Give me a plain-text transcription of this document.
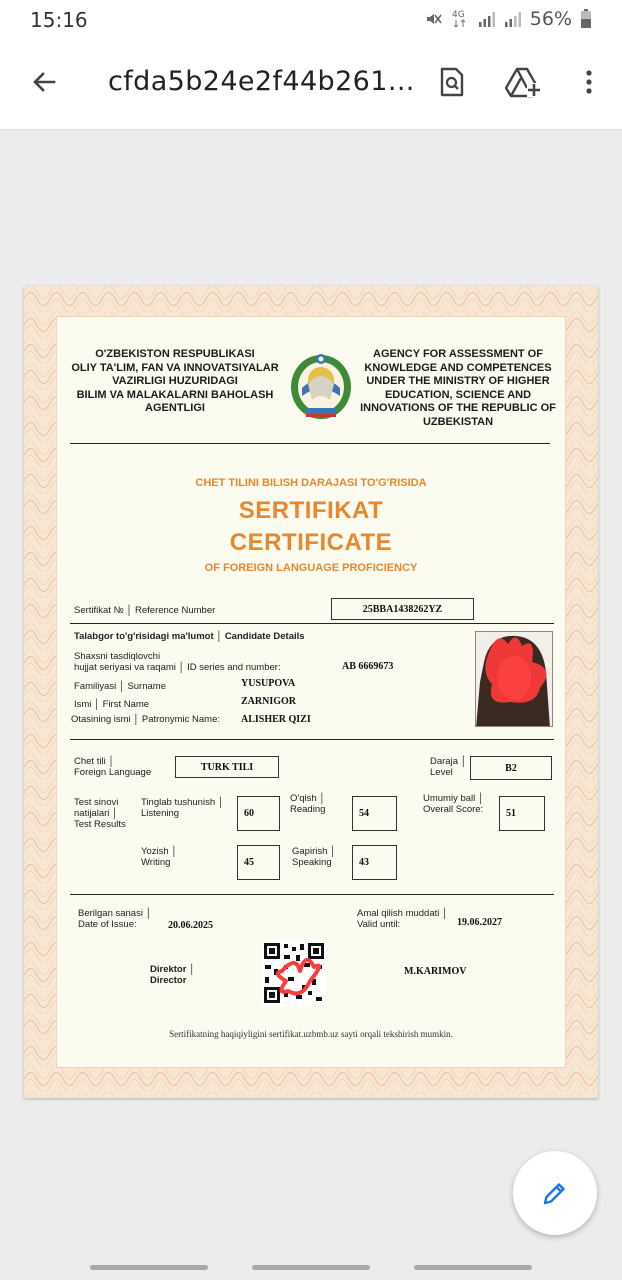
15:16	4G	56%
cfda5b24e2f44b261...
O'ZBEKISTON RESPUBLIKASI
OLIY TA'LIM, FAN VA INNOVATSIYALAR
VAZIRLIGI HUZURIDAGI
BILIM VA MALAKALARNI BAHOLASH
AGENTLIGI
AGENCY FOR ASSESSMENT OF
KNOWLEDGE AND COMPETENCES
UNDER THE MINISTRY OF HIGHER
EDUCATION, SCIENCE AND
INNOVATIONS OF THE REPUBLIC OF
UZBEKISTAN
CHET TILINI BILISH DARAJASI TO'G'RISIDA
SERTIFIKAT
CERTIFICATE
OF FOREIGN LANGUAGE PROFICIENCY
Sertifikat № │ Reference Number	25BBA1438262YZ
Talabgor to'g'risidagi ma'lumot │ Candidate Details
Shaxsni tasdiqlovchi
hujjat seriyasi va raqami │ ID series and number:	AB 6669673
Familiyasi │ Surname	YUSUPOVA
Ismi │ First Name	ZARNIGOR
Otasining ismi │ Patronymic Name: ALISHER QIZI
Chet tili │
Foreign Language	TURK TILI	Daraja │
Level	B2
Test sinovi
natijalari │
Test Results
Tinglab tushunish │
Listening	60
O'qish │
Reading	54
Umumiy ball │
Overall Score:	51
Yozish │
Writing	45
Gapirish │
Speaking	43
Berilgan sanasi │
Date of Issue:	20.06.2025
Amal qilish muddati │
Valid until:	19.06.2027
Direktor │
Director
M.KARIMOV
Sertifikatning haqiqiyligini sertifikat.uzbmb.uz sayti orqali tekshirish mumkin.
